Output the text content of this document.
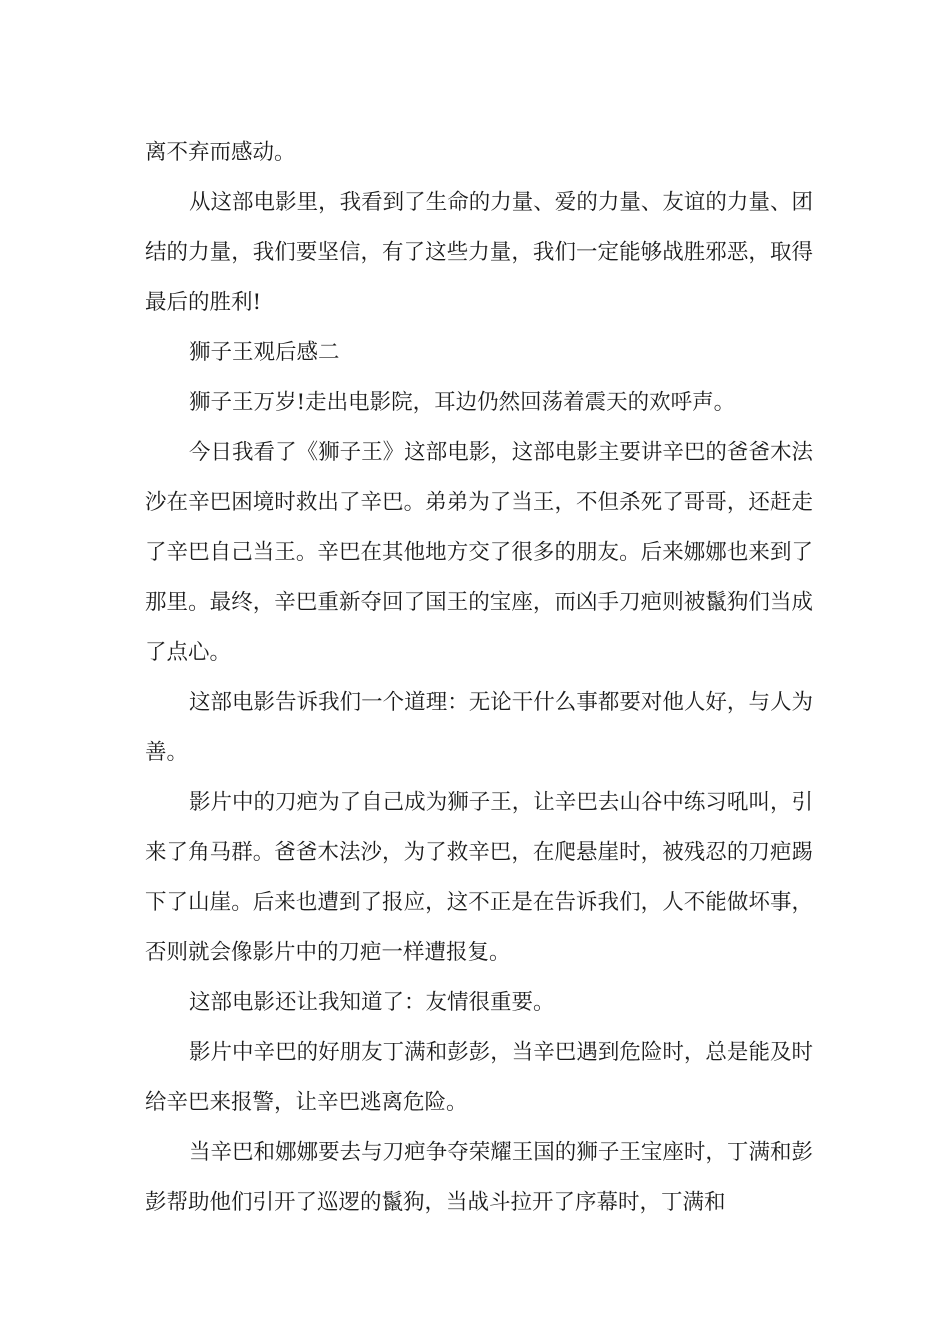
离不弃而感动。

从这部电影里，我看到了生命的力量、爱的力量、友谊的力量、团结的力量，我们要坚信，有了这些力量，我们一定能够战胜邪恶，取得最后的胜利!

狮子王观后感二

狮子王万岁!走出电影院，耳边仍然回荡着震天的欢呼声。

今日我看了《狮子王》这部电影，这部电影主要讲辛巴的爸爸木法沙在辛巴困境时救出了辛巴。弟弟为了当王，不但杀死了哥哥，还赶走了辛巴自己当王。辛巴在其他地方交了很多的朋友。后来娜娜也来到了那里。最终，辛巴重新夺回了国王的宝座，而凶手刀疤则被鬣狗们当成了点心。

这部电影告诉我们一个道理：无论干什么事都要对他人好，与人为善。

影片中的刀疤为了自己成为狮子王，让辛巴去山谷中练习吼叫，引来了角马群。爸爸木法沙，为了救辛巴，在爬悬崖时，被残忍的刀疤踢下了山崖。后来也遭到了报应，这不正是在告诉我们，人不能做坏事，否则就会像影片中的刀疤一样遭报复。

这部电影还让我知道了：友情很重要。

影片中辛巴的好朋友丁满和彭彭，当辛巴遇到危险时，总是能及时给辛巴来报警，让辛巴逃离危险。

当辛巴和娜娜要去与刀疤争夺荣耀王国的狮子王宝座时，丁满和彭彭帮助他们引开了巡逻的鬣狗，当战斗拉开了序幕时，丁满和
